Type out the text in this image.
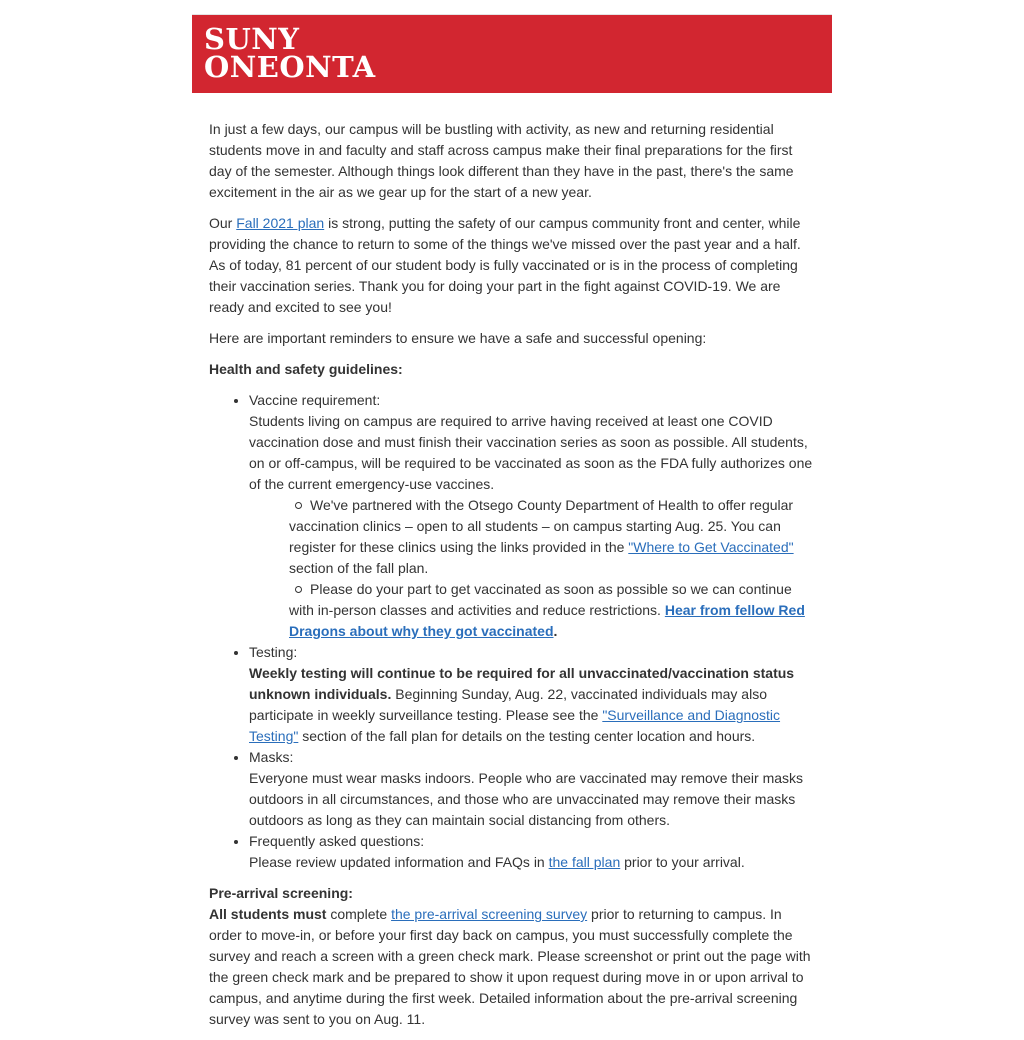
SUNY
ONEONTA

In just a few days, our campus will be bustling with activity, as new and returning residential students move in and faculty and staff across campus make their final preparations for the first day of the semester. Although things look different than they have in the past, there's the same excitement in the air as we gear up for the start of a new year.

Our Fall 2021 plan is strong, putting the safety of our campus community front and center, while providing the chance to return to some of the things we've missed over the past year and a half. As of today, 81 percent of our student body is fully vaccinated or is in the process of completing their vaccination series. Thank you for doing your part in the fight against COVID-19. We are ready and excited to see you!

Here are important reminders to ensure we have a safe and successful opening:

Health and safety guidelines:

• Vaccine requirement:
Students living on campus are required to arrive having received at least one COVID vaccination dose and must finish their vaccination series as soon as possible. All students, on or off-campus, will be required to be vaccinated as soon as the FDA fully authorizes one of the current emergency-use vaccines.
We've partnered with the Otsego County Department of Health to offer regular vaccination clinics – open to all students – on campus starting Aug. 25. You can register for these clinics using the links provided in the "Where to Get Vaccinated" section of the fall plan.
Please do your part to get vaccinated as soon as possible so we can continue with in-person classes and activities and reduce restrictions. Hear from fellow Red Dragons about why they got vaccinated.
• Testing:
Weekly testing will continue to be required for all unvaccinated/vaccination status unknown individuals. Beginning Sunday, Aug. 22, vaccinated individuals may also participate in weekly surveillance testing. Please see the "Surveillance and Diagnostic Testing" section of the fall plan for details on the testing center location and hours.
• Masks:
Everyone must wear masks indoors. People who are vaccinated may remove their masks outdoors in all circumstances, and those who are unvaccinated may remove their masks outdoors as long as they can maintain social distancing from others.
• Frequently asked questions:
Please review updated information and FAQs in the fall plan prior to your arrival.

Pre-arrival screening:
All students must complete the pre-arrival screening survey prior to returning to campus. In order to move-in, or before your first day back on campus, you must successfully complete the survey and reach a screen with a green check mark. Please screenshot or print out the page with the green check mark and be prepared to show it upon request during move in or upon arrival to campus, and anytime during the first week. Detailed information about the pre-arrival screening survey was sent to you on Aug. 11.
